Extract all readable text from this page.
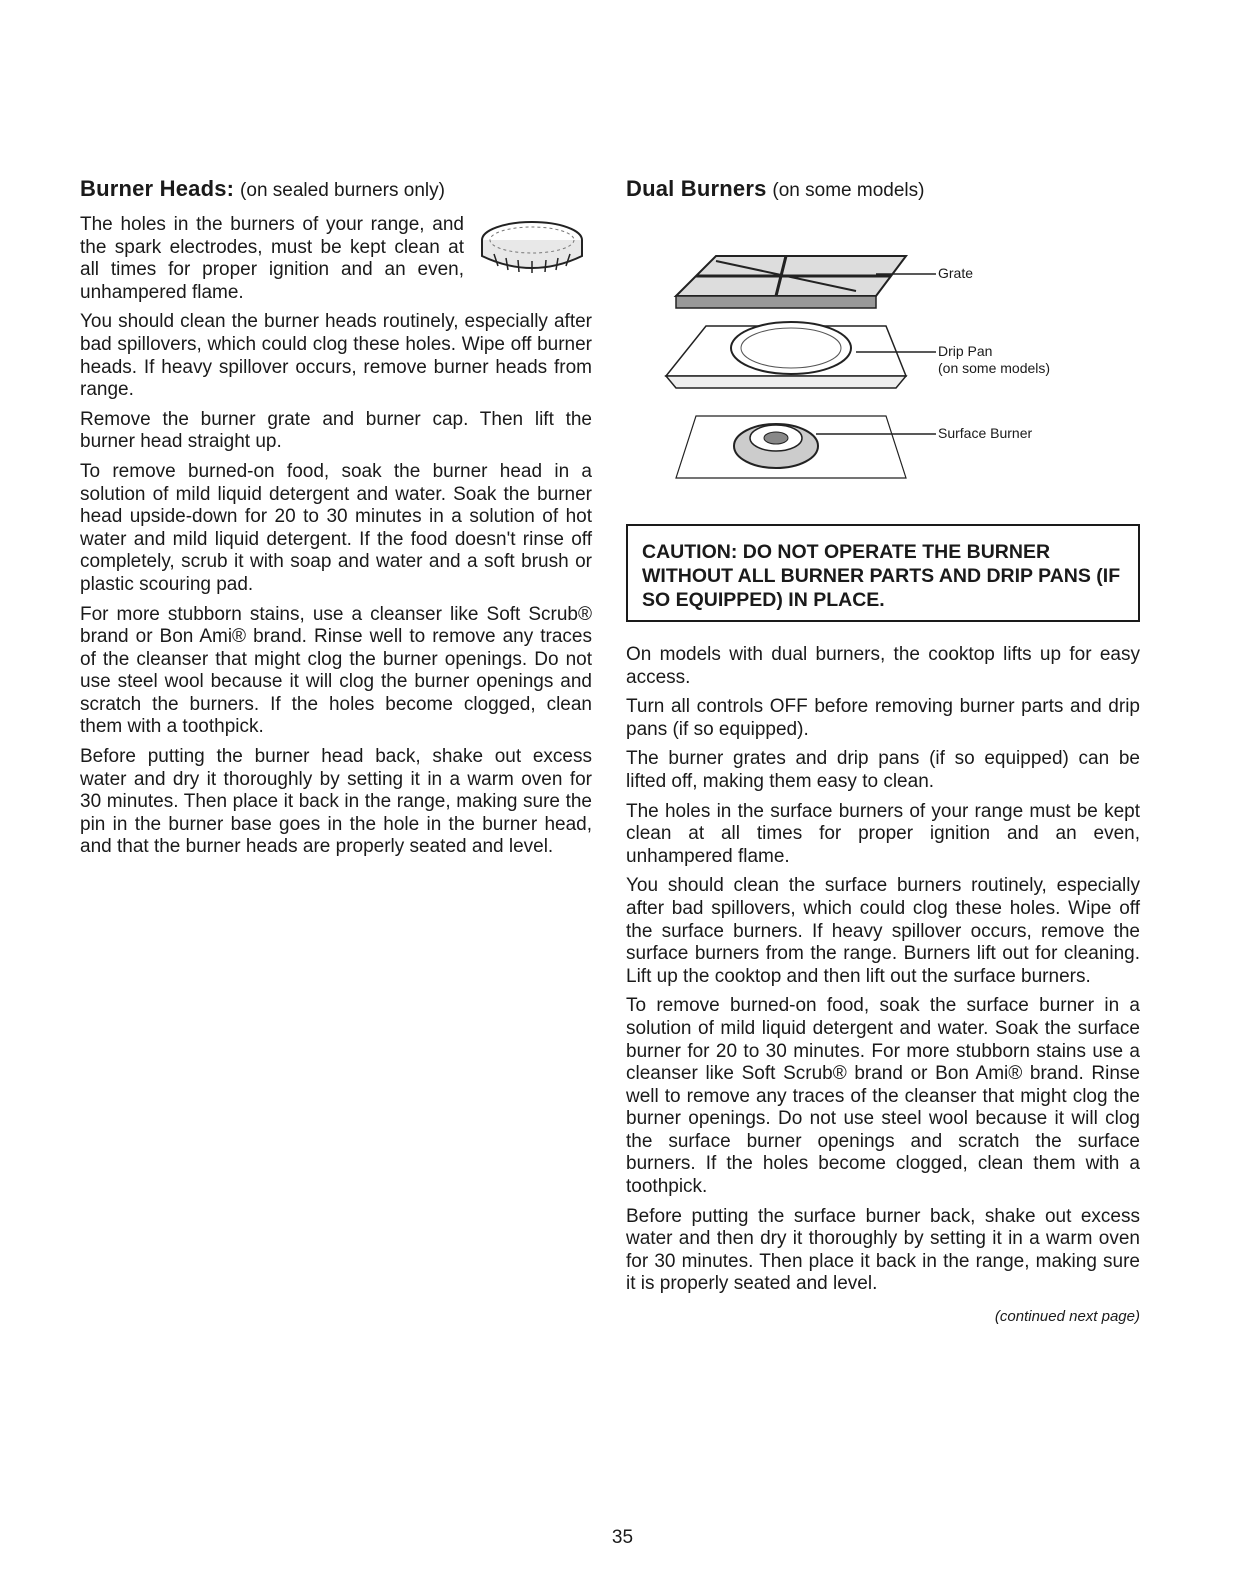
Burner Heads: (on sealed burners only)

The holes in the burners of your range, and the spark electrodes, must be kept clean at all times for proper ignition and an even, unhampered flame.

You should clean the burner heads routinely, especially after bad spillovers, which could clog these holes. Wipe off burner heads. If heavy spillover occurs, remove burner heads from range.

Remove the burner grate and burner cap. Then lift the burner head straight up.

To remove burned-on food, soak the burner head in a solution of mild liquid detergent and water. Soak the burner head upside-down for 20 to 30 minutes in a solution of hot water and mild liquid detergent. If the food doesn't rinse off completely, scrub it with soap and water and a soft brush or plastic scouring pad.

For more stubborn stains, use a cleanser like Soft Scrub® brand or Bon Ami® brand. Rinse well to remove any traces of the cleanser that might clog the burner openings. Do not use steel wool because it will clog the burner openings and scratch the burners. If the holes become clogged, clean them with a toothpick.

Before putting the burner head back, shake out excess water and dry it thoroughly by setting it in a warm oven for 30 minutes. Then place it back in the range, making sure the pin in the burner base goes in the hole in the burner head, and that the burner heads are properly seated and level.

Dual Burners (on some models)
Grate
Drip Pan
(on some models)
Surface Burner
CAUTION: DO NOT OPERATE THE BURNER WITHOUT ALL BURNER PARTS AND DRIP PANS (IF SO EQUIPPED) IN PLACE.

On models with dual burners, the cooktop lifts up for easy access.

Turn all controls OFF before removing burner parts and drip pans (if so equipped).

The burner grates and drip pans (if so equipped) can be lifted off, making them easy to clean.

The holes in the surface burners of your range must be kept clean at all times for proper ignition and an even, unhampered flame.

You should clean the surface burners routinely, especially after bad spillovers, which could clog these holes. Wipe off the surface burners. If heavy spillover occurs, remove the surface burners from the range. Burners lift out for cleaning. Lift up the cooktop and then lift out the surface burners.

To remove burned-on food, soak the surface burner in a solution of mild liquid detergent and water. Soak the surface burner for 20 to 30 minutes. For more stubborn stains use a cleanser like Soft Scrub® brand or Bon Ami® brand. Rinse well to remove any traces of the cleanser that might clog the burner openings. Do not use steel wool because it will clog the surface burner openings and scratch the surface burners. If the holes become clogged, clean them with a toothpick.

Before putting the surface burner back, shake out excess water and then dry it thoroughly by setting it in a warm oven for 30 minutes. Then place it back in the range, making sure it is properly seated and level.

(continued next page)
35
